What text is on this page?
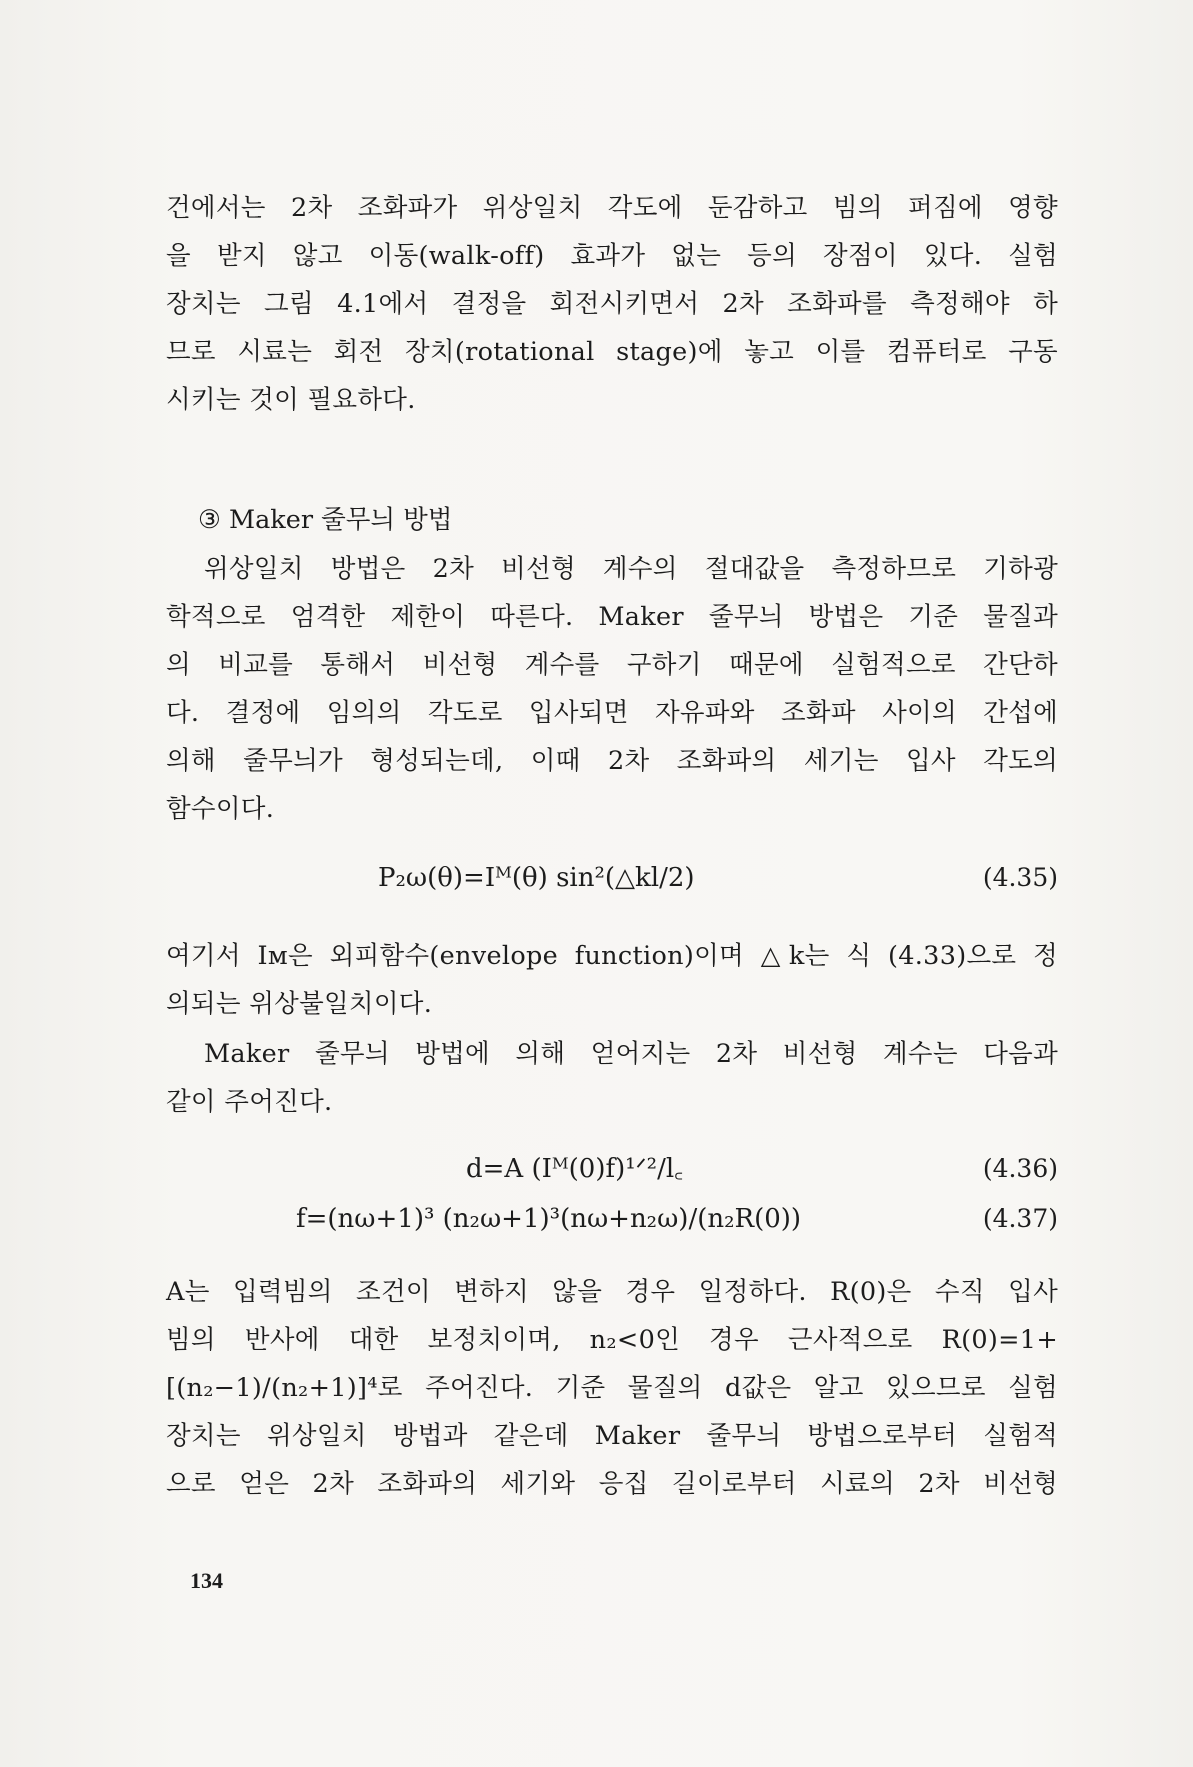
건에서는 2차 조화파가 위상일치 각도에 둔감하고 빔의 퍼짐에 영향
을 받지 않고 이동(walk-off) 효과가 없는 등의 장점이 있다. 실험
장치는 그림 4.1에서 결정을 회전시키면서 2차 조화파를 측정해야 하
므로 시료는 회전 장치(rotational stage)에 놓고 이를 컴퓨터로 구동
시키는 것이 필요하다.
③ Maker 줄무늬 방법
위상일치 방법은 2차 비선형 계수의 절대값을 측정하므로 기하광
학적으로 엄격한 제한이 따른다. Maker 줄무늬 방법은 기준 물질과
의 비교를 통해서 비선형 계수를 구하기 때문에 실험적으로 간단하
다. 결정에 임의의 각도로 입사되면 자유파와 조화파 사이의 간섭에
의해 줄무늬가 형성되는데, 이때 2차 조화파의 세기는 입사 각도의
함수이다.
P₂ω(θ)=Iᴹ(θ) sin²(△kl/2)	(4.35)
여기서 Iᴍ은 외피함수(envelope function)이며 △k는 식 (4.33)으로 정
의되는 위상불일치이다.
Maker 줄무늬 방법에 의해 얻어지는 2차 비선형 계수는 다음과
같이 주어진다.
d=A (Iᴹ(0)f)¹ᐟ²/l꜀	(4.36)
f=(nω+1)³ (n₂ω+1)³(nω+n₂ω)/(n₂R(0))	(4.37)
A는 입력빔의 조건이 변하지 않을 경우 일정하다. R(0)은 수직 입사
빔의 반사에 대한 보정치이며, n₂<0인 경우 근사적으로 R(0)=1+
[(n₂−1)/(n₂+1)]⁴로 주어진다. 기준 물질의 d값은 알고 있으므로 실험
장치는 위상일치 방법과 같은데 Maker 줄무늬 방법으로부터 실험적
으로 얻은 2차 조화파의 세기와 응집 길이로부터 시료의 2차 비선형
134
